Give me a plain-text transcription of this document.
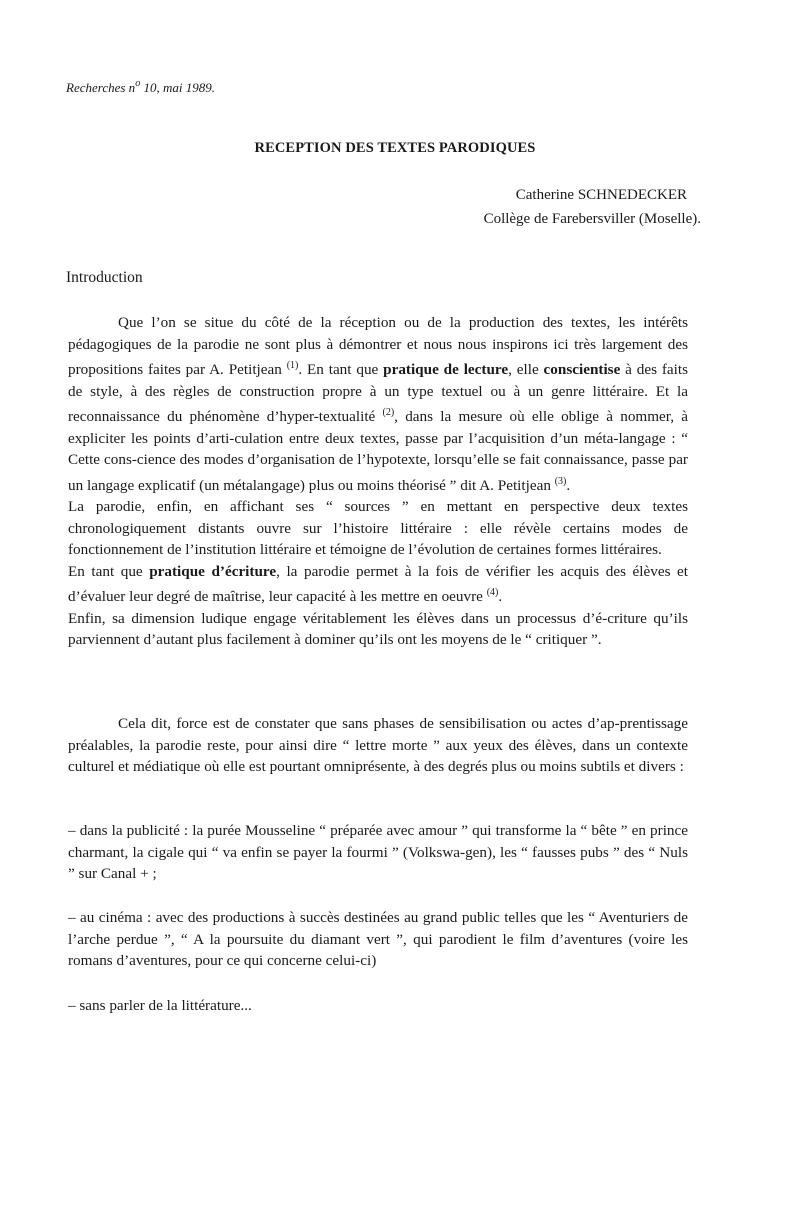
Recherches $n^o$ 10, mai 1989.
RECEPTION DES TEXTES PARODIQUES
Catherine SCHNEDECKER
Collège de Farebersviller (Moselle).
Introduction

Que l’on se situe du côté de la réception ou de la production des textes, les intérêts pédagogiques de la parodie ne sont plus à démontrer et nous nous inspirons ici très largement des propositions faites par A. Petitjean $^{(1)}$. En tant que pratique de lecture, elle conscientise à des faits de style, à des règles de construction propre à un type textuel ou à un genre littéraire. Et la reconnaissance du phénomène d’hyper-textualité $^{(2)}$, dans la mesure où elle oblige à nommer, à expliciter les points d’arti-culation entre deux textes, passe par l’acquisition d’un méta-langage : “ Cette cons-cience des modes d’organisation de l’hypotexte, lorsqu’elle se fait connaissance, passe par un langage explicatif (un métalangage) plus ou moins théorisé ” dit A. Petitjean $^{(3)}$.

La parodie, enfin, en affichant ses “ sources ” en mettant en perspective deux textes chronologiquement distants ouvre sur l’histoire littéraire : elle révèle certains modes de fonctionnement de l’institution littéraire et témoigne de l’évolution de certaines formes littéraires.

En tant que pratique d’écriture, la parodie permet à la fois de vérifier les acquis des élèves et d’évaluer leur degré de maîtrise, leur capacité à les mettre en oeuvre $^{(4)}$.

Enfin, sa dimension ludique engage véritablement les élèves dans un processus d’é-criture qu’ils parviennent d’autant plus facilement à dominer qu’ils ont les moyens de le “ critiquer ”.

Cela dit, force est de constater que sans phases de sensibilisation ou actes d’ap-prentissage préalables, la parodie reste, pour ainsi dire “ lettre morte ” aux yeux des élèves, dans un contexte culturel et médiatique où elle est pourtant omniprésente, à des degrés plus ou moins subtils et divers :

– dans la publicité : la purée Mousseline “ préparée avec amour ” qui transforme la “ bête ” en prince charmant, la cigale qui “ va enfin se payer la fourmi ” (Volkswa-gen), les “ fausses pubs ” des “ Nuls ” sur Canal + ;

– au cinéma : avec des productions à succès destinées au grand public telles que les “ Aventuriers de l’arche perdue ”, “ A la poursuite du diamant vert ”, qui parodient le film d’aventures (voire les romans d’aventures, pour ce qui concerne celui-ci)

– sans parler de la littérature...
